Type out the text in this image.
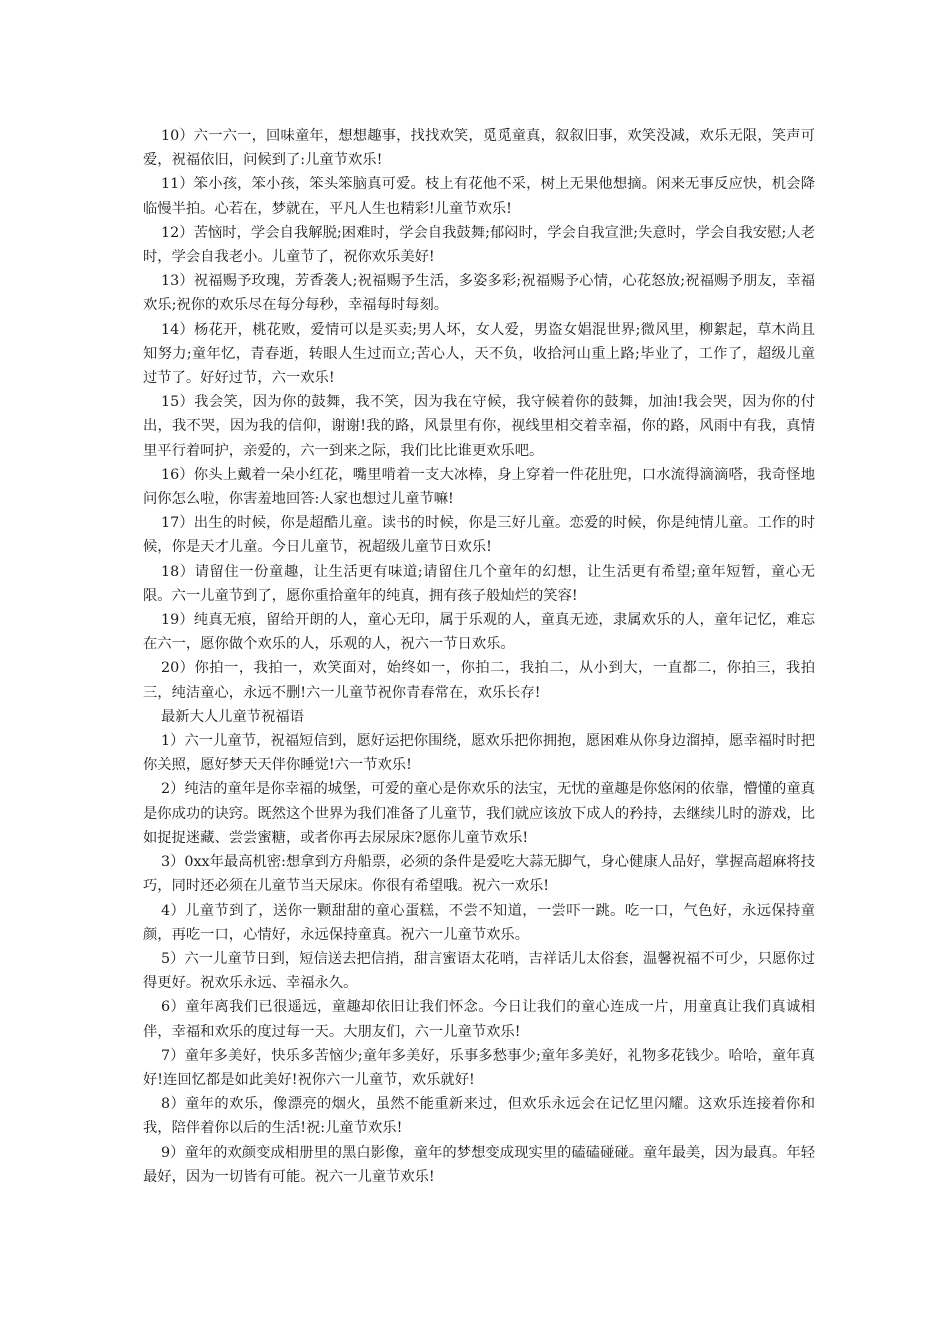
10）六一六一，回味童年，想想趣事，找找欢笑，觅觅童真，叙叙旧事，欢笑没减，欢乐无限，笑声可爱，祝福依旧，问候到了:儿童节欢乐!

11）笨小孩，笨小孩，笨头笨脑真可爱。枝上有花他不采，树上无果他想摘。闲来无事反应快，机会降临慢半拍。心若在，梦就在，平凡人生也精彩!儿童节欢乐!

12）苦恼时，学会自我解脱;困难时，学会自我鼓舞;郁闷时，学会自我宣泄;失意时，学会自我安慰;人老时，学会自我老小。儿童节了，祝你欢乐美好!

13）祝福赐予玫瑰，芳香袭人;祝福赐予生活，多姿多彩;祝福赐予心情，心花怒放;祝福赐予朋友，幸福欢乐;祝你的欢乐尽在每分每秒，幸福每时每刻。

14）杨花开，桃花败，爱情可以是买卖;男人坏，女人爱，男盗女娼混世界;微风里，柳絮起，草木尚且知努力;童年忆，青春逝，转眼人生过而立;苦心人，天不负，收拾河山重上路;毕业了，工作了，超级儿童过节了。好好过节，六一欢乐!

15）我会笑，因为你的鼓舞，我不笑，因为我在守候，我守候着你的鼓舞，加油!我会哭，因为你的付出，我不哭，因为我的信仰，谢谢!我的路，风景里有你，视线里相交着幸福，你的路，风雨中有我，真情里平行着呵护，亲爱的，六一到来之际，我们比比谁更欢乐吧。

16）你头上戴着一朵小红花，嘴里啃着一支大冰棒，身上穿着一件花肚兜，口水流得滴滴嗒，我奇怪地问你怎么啦，你害羞地回答:人家也想过儿童节嘛!

17）出生的时候，你是超酷儿童。读书的时候，你是三好儿童。恋爱的时候，你是纯情儿童。工作的时候，你是天才儿童。今日儿童节，祝超级儿童节日欢乐!

18）请留住一份童趣，让生活更有味道;请留住几个童年的幻想，让生活更有希望;童年短暂，童心无限。六一儿童节到了，愿你重拾童年的纯真，拥有孩子般灿烂的笑容!

19）纯真无痕，留给开朗的人，童心无印，属于乐观的人，童真无迹，隶属欢乐的人，童年记忆，难忘在六一，愿你做个欢乐的人，乐观的人，祝六一节日欢乐。

20）你拍一，我拍一，欢笑面对，始终如一，你拍二，我拍二，从小到大，一直都二，你拍三，我拍三，纯洁童心，永远不删!六一儿童节祝你青春常在，欢乐长存!

最新大人儿童节祝福语

1）六一儿童节，祝福短信到，愿好运把你围绕，愿欢乐把你拥抱，愿困难从你身边溜掉，愿幸福时时把你关照，愿好梦天天伴你睡觉!六一节欢乐!

2）纯洁的童年是你幸福的城堡，可爱的童心是你欢乐的法宝，无忧的童趣是你悠闲的依靠，懵懂的童真是你成功的诀窍。既然这个世界为我们准备了儿童节，我们就应该放下成人的矜持，去继续儿时的游戏，比如捉捉迷藏、尝尝蜜糖，或者你再去尿尿床?愿你儿童节欢乐!

3）0xx年最高机密:想拿到方舟船票，必须的条件是爱吃大蒜无脚气，身心健康人品好，掌握高超麻将技巧，同时还必须在儿童节当天尿床。你很有希望哦。祝六一欢乐!

4）儿童节到了，送你一颗甜甜的童心蛋糕，不尝不知道，一尝吓一跳。吃一口，气色好，永远保持童颜，再吃一口，心情好，永远保持童真。祝六一儿童节欢乐。

5）六一儿童节日到，短信送去把信捎，甜言蜜语太花哨，吉祥话儿太俗套，温馨祝福不可少，只愿你过得更好。祝欢乐永远、幸福永久。

6）童年离我们已很遥远，童趣却依旧让我们怀念。今日让我们的童心连成一片，用童真让我们真诚相伴，幸福和欢乐的度过每一天。大朋友们，六一儿童节欢乐!

7）童年多美好，快乐多苦恼少;童年多美好，乐事多愁事少;童年多美好，礼物多花钱少。哈哈，童年真好!连回忆都是如此美好!祝你六一儿童节，欢乐就好!

8）童年的欢乐，像漂亮的烟火，虽然不能重新来过，但欢乐永远会在记忆里闪耀。这欢乐连接着你和我，陪伴着你以后的生活!祝:儿童节欢乐!

9）童年的欢颜变成相册里的黑白影像，童年的梦想变成现实里的磕磕碰碰。童年最美，因为最真。年轻最好，因为一切皆有可能。祝六一儿童节欢乐!
